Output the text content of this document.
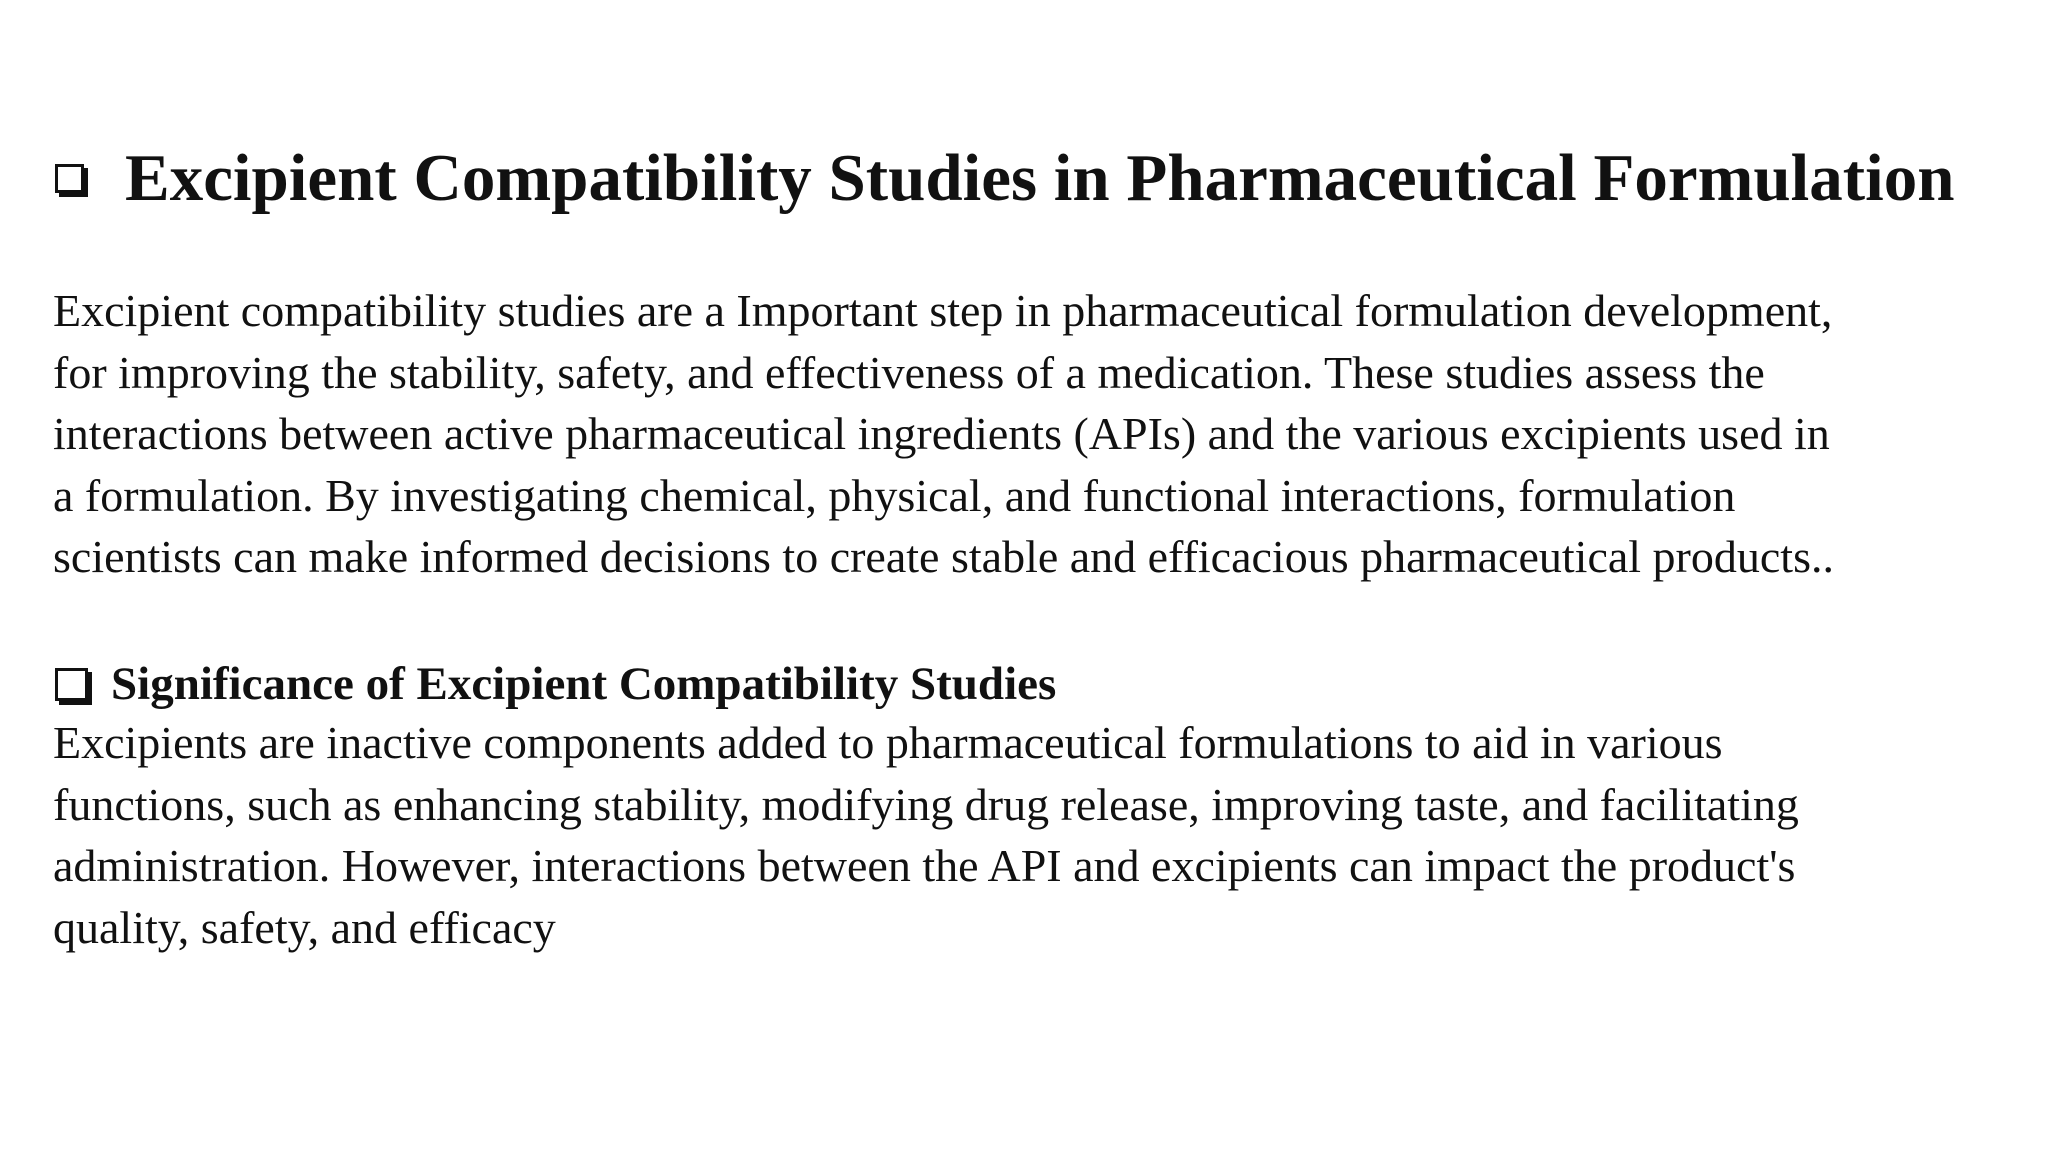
Excipient Compatibility Studies in Pharmaceutical Formulation
Excipient compatibility studies are a Important step in pharmaceutical formulation development,
for improving the stability, safety, and effectiveness of a medication. These studies assess the
interactions between active pharmaceutical ingredients (APIs) and the various excipients used in
a formulation. By investigating chemical, physical, and functional interactions, formulation
scientists can make informed decisions to create stable and efficacious pharmaceutical products..
Significance of Excipient Compatibility Studies
Excipients are inactive components added to pharmaceutical formulations to aid in various
functions, such as enhancing stability, modifying drug release, improving taste, and facilitating
administration. However, interactions between the API and excipients can impact the product's
quality, safety, and efficacy
